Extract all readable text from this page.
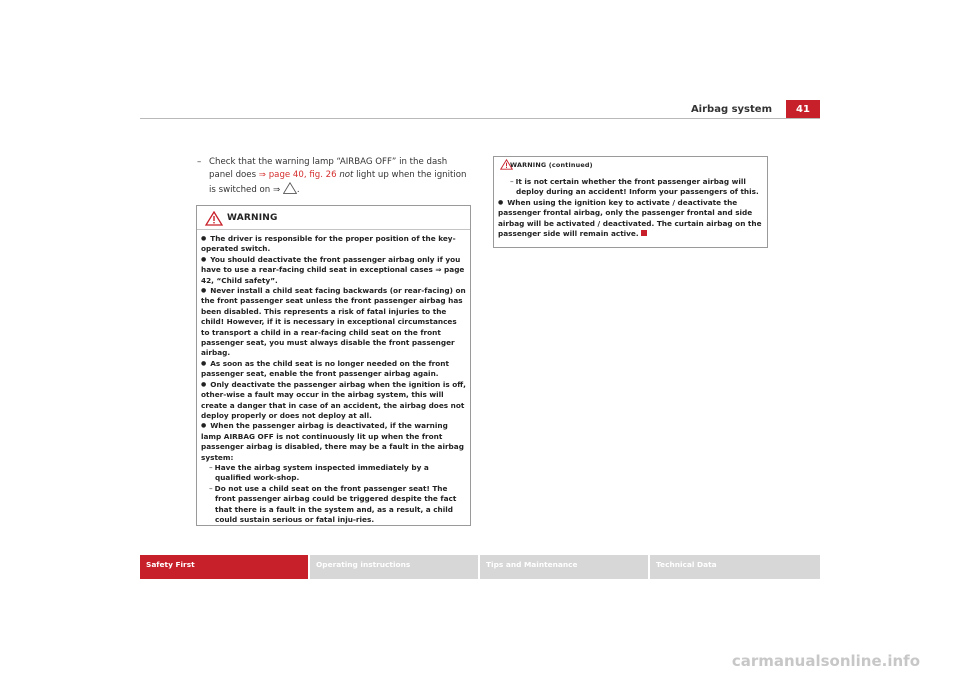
Airbag system	41
– Check that the warning lamp “AIRBAG OFF” in the dash panel does ⇒ page 40, fig. 26 not light up when the ignition is switched on ⇒ .
WARNING

● The driver is responsible for the proper position of the key-operated switch.

● You should deactivate the front passenger airbag only if you have to use a rear-facing child seat in exceptional cases ⇒ page 42, “Child safety”.

● Never install a child seat facing backwards (or rear-facing) on the front passenger seat unless the front passenger airbag has been disabled. This represents a risk of fatal injuries to the child! However, if it is necessary in exceptional circumstances to transport a child in a rear-facing child seat on the front passenger seat, you must always disable the front passenger airbag.

● As soon as the child seat is no longer needed on the front passenger seat, enable the front passenger airbag again.

● Only deactivate the passenger airbag when the ignition is off, other-wise a fault may occur in the airbag system, this will create a danger that in case of an accident, the airbag does not deploy properly or does not deploy at all.

● When the passenger airbag is deactivated, if the warning lamp AIRBAG OFF is not continuously lit up when the front passenger airbag is disabled, there may be a fault in the airbag system:

– Have the airbag system inspected immediately by a qualified work-shop.

– Do not use a child seat on the front passenger seat! The front passenger airbag could be triggered despite the fact that there is a fault in the system and, as a result, a child could sustain serious or fatal inju-ries.

WARNING (continued)

– It is not certain whether the front passenger airbag will deploy during an accident! Inform your passengers of this.

● When using the ignition key to activate / deactivate the passenger frontal airbag, only the passenger frontal and side airbag will be activated / deactivated. The curtain airbag on the passenger side will remain active.

Safety First	Operating instructions	Tips and Maintenance	Technical Data
carmanualsonline.info
